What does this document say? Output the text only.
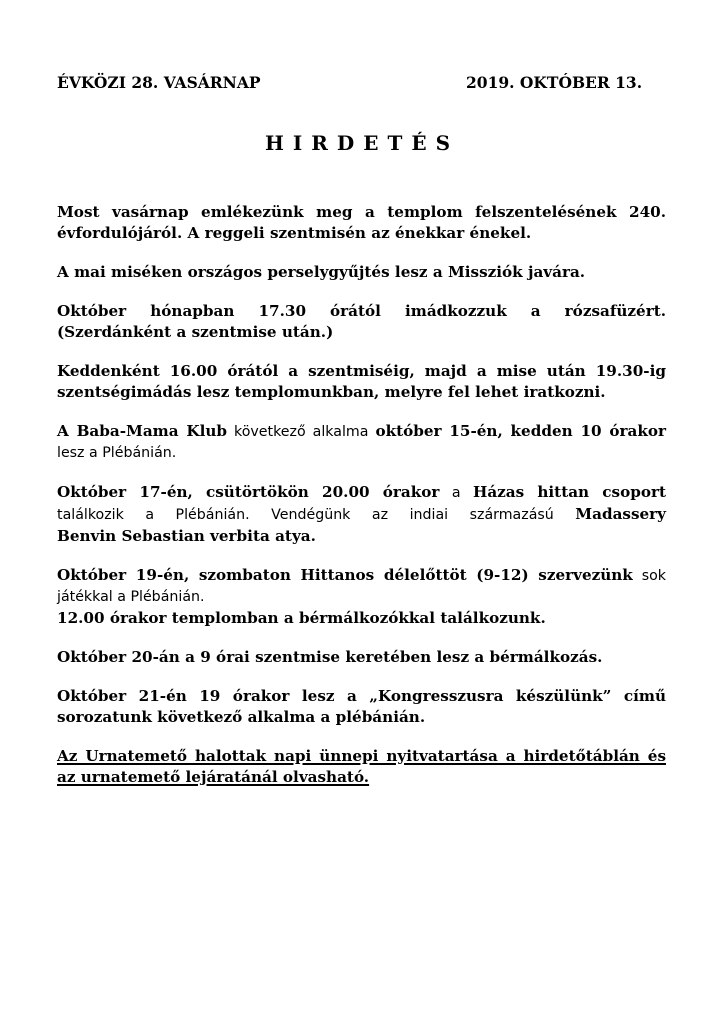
ÉVKÖZI 28. VASÁRNAP	2019. OKTÓBER 13.
HIRDETÉS
Most vasárnap emlékezünk meg a templom felszentelésének 240.
évfordulójáról. A reggeli szentmisén az énekkar énekel.
A mai miséken országos perselygyűjtés lesz a Missziók javára.
Október hónapban 17.30 órától imádkozzuk a rózsafüzért.
(Szerdánként a szentmise után.)
Keddenként 16.00 órától a szentmiséig, majd a mise után 19.30-ig
szentségimádás lesz templomunkban, melyre fel lehet iratkozni.
A Baba-Mama Klub következő alkalma október 15-én, kedden 10 órakor
lesz a Plébánián.
Október 17-én, csütörtökön 20.00 órakor a Házas hittan csoport
találkozik a Plébánián. Vendégünk az indiai származású Madassery
Benvin Sebastian verbita atya.
Október 19-én, szombaton Hittanos délelőttöt (9-12) szervezünk sok
játékkal a Plébánián.
12.00 órakor templomban a bérmálkozókkal találkozunk.
Október 20-án a 9 órai szentmise keretében lesz a bérmálkozás.
Október 21-én 19 órakor lesz a „Kongresszusra készülünk” című
sorozatunk következő alkalma a plébánián.
Az Urnatemető halottak napi ünnepi nyitvatartása a hirdetőtáblán és
az urnatemető lejáratánál olvasható.
